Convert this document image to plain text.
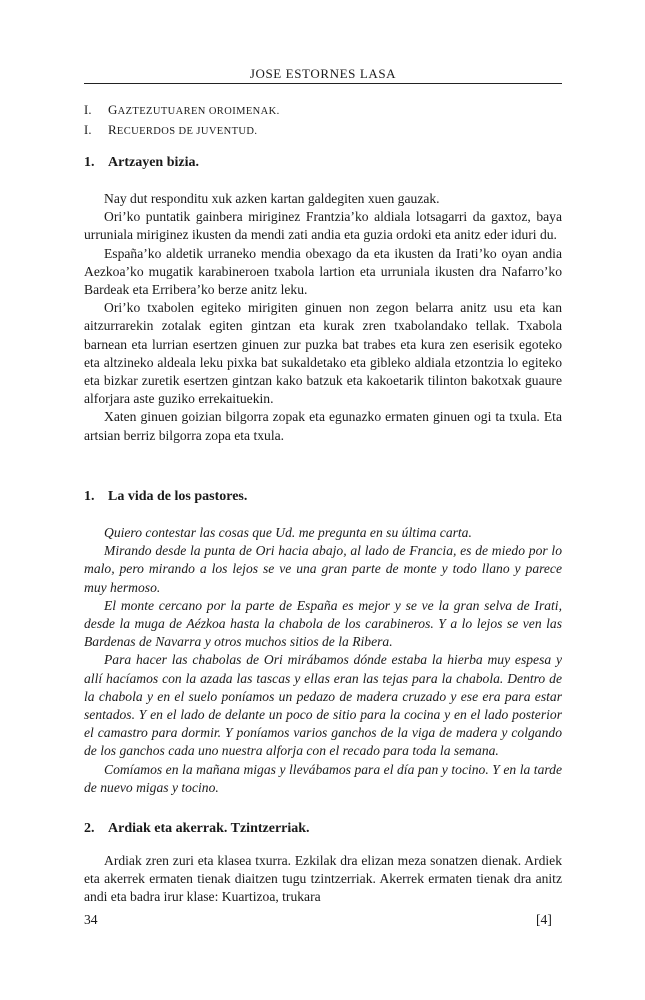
JOSE ESTORNES LASA
I. GAZTEZUTUAREN OROIMENAK.
I. RECUERDOS DE JUVENTUD.
1. Artzayen bizia.

Nay dut responditu xuk azken kartan galdegiten xuen gauzak.

Ori’ko puntatik gainbera miriginez Frantzia’ko aldiala lotsagarri da gaxtoz, baya urruniala miriginez ikusten da mendi zati andia eta guzia ordoki eta anitz eder iduri du.

España’ko aldetik urraneko mendia obexago da eta ikusten da Irati’ko oyan andia Aezkoa’ko mugatik karabineroen txabola lartion eta urruniala ikusten dra Nafarro’ko Bardeak eta Erribera’ko berze anitz leku.

Ori’ko txabolen egiteko mirigiten ginuen non zegon belarra anitz usu eta kan aitzurrarekin zotalak egiten gintzan eta kurak zren txabolandako tellak. Txabola barnean eta lurrian esertzen ginuen zur puzka bat trabes eta kura zen eserisik egoteko eta altzineko aldeala leku pixka bat sukaldetako eta gibleko aldiala etzontzia lo egiteko eta bizkar zuretik esertzen gintzan kako batzuk eta kakoetarik tilinton bakotxak guaure alforjara aste guziko errekaituekin.

Xaten ginuen goizian bilgorra zopak eta egunazko ermaten ginuen ogi ta txula. Eta artsian berriz bilgorra zopa eta txula.

1. La vida de los pastores.

Quiero contestar las cosas que Ud. me pregunta en su última carta.

Mirando desde la punta de Ori hacia abajo, al lado de Francia, es de miedo por lo malo, pero mirando a los lejos se ve una gran parte de monte y todo llano y parece muy hermoso.

El monte cercano por la parte de España es mejor y se ve la gran selva de Irati, desde la muga de Aézkoa hasta la chabola de los carabineros. Y a lo lejos se ven las Bardenas de Navarra y otros muchos sitios de la Ribera.

Para hacer las chabolas de Ori mirábamos dónde estaba la hierba muy espesa y allí hacíamos con la azada las tascas y ellas eran las tejas para la chabola. Dentro de la chabola y en el suelo poníamos un pedazo de madera cruzado y ese era para estar sentados. Y en el lado de delante un poco de sitio para la cocina y en el lado posterior el camastro para dormir. Y poníamos varios ganchos de la viga de madera y colgando de los ganchos cada uno nuestra alforja con el recado para toda la semana.

Comíamos en la mañana migas y llevábamos para el día pan y tocino. Y en la tarde de nuevo migas y tocino.

2. Ardiak eta akerrak. Tzintzerriak.

Ardiak zren zuri eta klasea txurra. Ezkilak dra elizan meza sonatzen dienak. Ardiek eta akerrek ermaten tienak diaitzen tugu tzintzerriak. Akerrek ermaten tienak dra anitz andi eta badra irur klase: Kuartizoa, trukara

34	[4]
